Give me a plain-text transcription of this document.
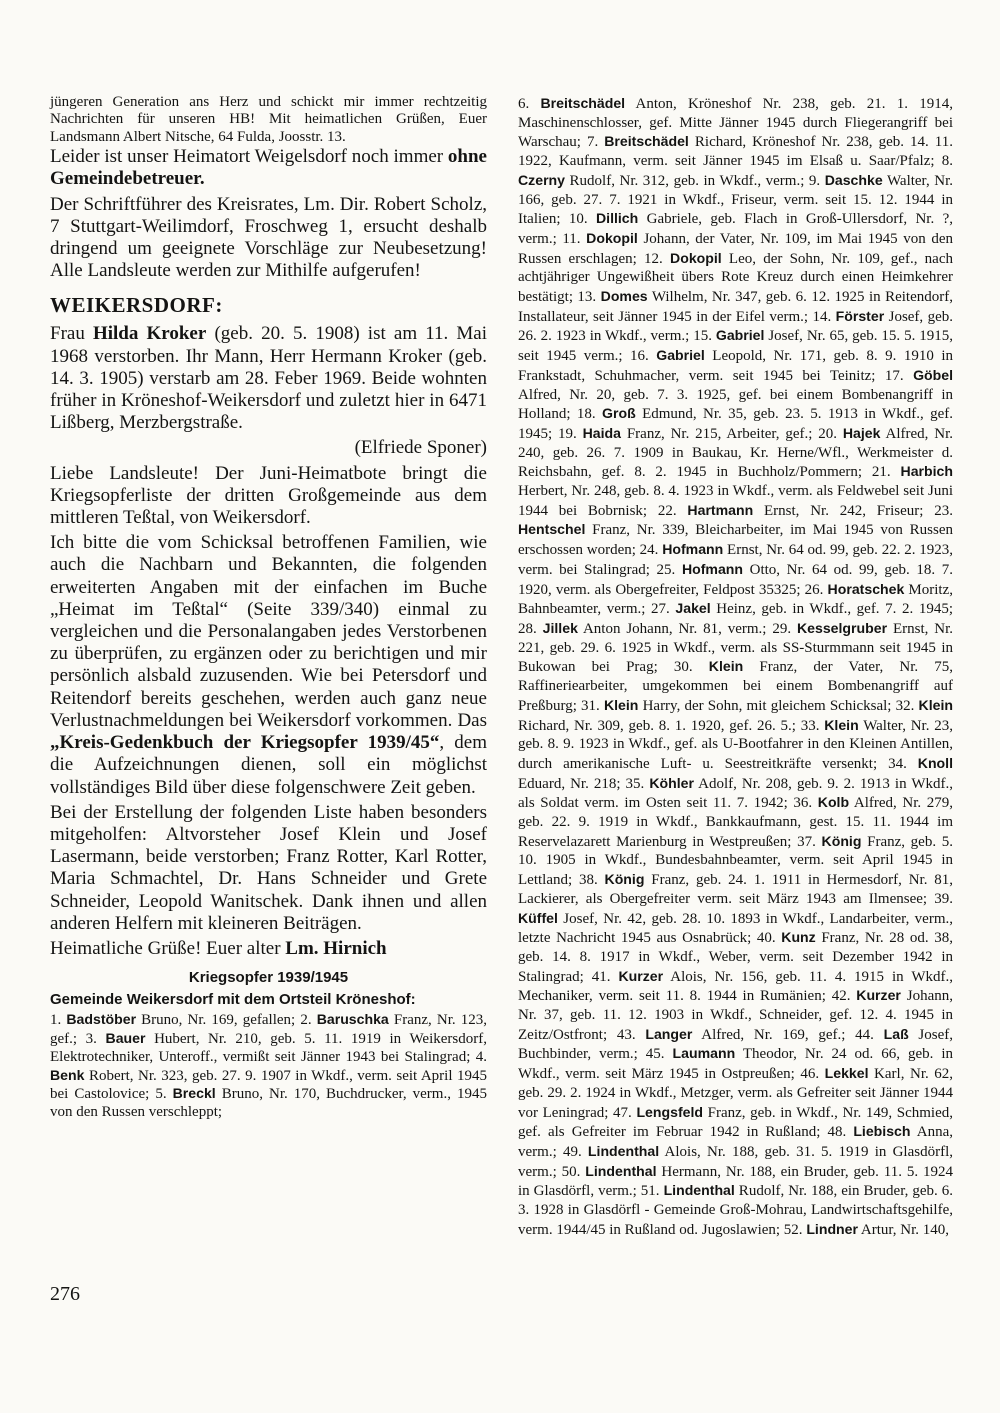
jüngeren Generation ans Herz und schickt mir immer rechtzeitig Nachrichten für unseren HB! Mit heimatlichen Grüßen, Euer Landsmann Albert Nitsche, 64 Fulda, Joosstr. 13.

Leider ist unser Heimatort Weigelsdorf noch immer ohne Gemeindebetreuer.

Der Schriftführer des Kreisrates, Lm. Dir. Robert Scholz, 7 Stuttgart-Weilimdorf, Froschweg 1, ersucht deshalb dringend um geeignete Vorschläge zur Neubesetzung! Alle Landsleute werden zur Mithilfe aufgerufen!

WEIKERSDORF:

Frau Hilda Kroker (geb. 20. 5. 1908) ist am 11. Mai 1968 verstorben. Ihr Mann, Herr Hermann Kroker (geb. 14. 3. 1905) verstarb am 28. Feber 1969. Beide wohnten früher in Kröneshof-Weikersdorf und zuletzt hier in 6471 Lißberg, Merzbergstraße.

(Elfriede Sponer)

Liebe Landsleute! Der Juni-Heimatbote bringt die Kriegsopferliste der dritten Großgemeinde aus dem mittleren Teßtal, von Weikersdorf.

Ich bitte die vom Schicksal betroffenen Familien, wie auch die Nachbarn und Bekannten, die folgenden erweiterten Angaben mit der einfachen im Buche „Heimat im Teßtal“ (Seite 339/340) einmal zu vergleichen und die Personalangaben jedes Verstorbenen zu überprüfen, zu ergänzen oder zu berichtigen und mir persönlich alsbald zuzusenden. Wie bei Petersdorf und Reitendorf bereits geschehen, werden auch ganz neue Verlustnachmeldungen bei Weikersdorf vorkommen. Das „Kreis-Gedenkbuch der Kriegsopfer 1939/45“, dem die Aufzeichnungen dienen, soll ein möglichst vollständiges Bild über diese folgenschwere Zeit geben.

Bei der Erstellung der folgenden Liste haben besonders mitgeholfen: Altvorsteher Josef Klein und Josef Lasermann, beide verstorben; Franz Rotter, Karl Rotter, Maria Schmachtel, Dr. Hans Schneider und Grete Schneider, Leopold Wanitschek. Dank ihnen und allen anderen Helfern mit kleineren Beiträgen.

Heimatliche Grüße! Euer alter Lm. Hirnich

Kriegsopfer 1939/1945

Gemeinde Weikersdorf mit dem Ortsteil Kröneshof:

1. Badstöber Bruno, Nr. 169, gefallen; 2. Baruschka Franz, Nr. 123, gef.; 3. Bauer Hubert, Nr. 210, geb. 5. 11. 1919 in Weikersdorf, Elektrotechniker, Unteroff., vermißt seit Jänner 1943 bei Stalingrad; 4. Benk Robert, Nr. 323, geb. 27. 9. 1907 in Wkdf., verm. seit April 1945 bei Castolovice; 5. Breckl Bruno, Nr. 170, Buchdrucker, verm., 1945 von den Russen verschleppt;

6. Breitschädel Anton, Kröneshof Nr. 238, geb. 21. 1. 1914, Maschinenschlosser, gef. Mitte Jänner 1945 durch Fliegerangriff bei Warschau; 7. Breitschädel Richard, Kröneshof Nr. 238, geb. 14. 11. 1922, Kaufmann, verm. seit Jänner 1945 im Elsaß u. Saar/Pfalz; 8. Czerny Rudolf, Nr. 312, geb. in Wkdf., verm.; 9. Daschke Walter, Nr. 166, geb. 27. 7. 1921 in Wkdf., Friseur, verm. seit 15. 12. 1944 in Italien; 10. Dillich Gabriele, geb. Flach in Groß-Ullersdorf, Nr. ?, verm.; 11. Dokopil Johann, der Vater, Nr. 109, im Mai 1945 von den Russen erschlagen; 12. Dokopil Leo, der Sohn, Nr. 109, gef., nach achtjähriger Ungewißheit übers Rote Kreuz durch einen Heimkehrer bestätigt; 13. Domes Wilhelm, Nr. 347, geb. 6. 12. 1925 in Reitendorf, Installateur, seit Jänner 1945 in der Eifel verm.; 14. Förster Josef, geb. 26. 2. 1923 in Wkdf., verm.; 15. Gabriel Josef, Nr. 65, geb. 15. 5. 1915, seit 1945 verm.; 16. Gabriel Leopold, Nr. 171, geb. 8. 9. 1910 in Frankstadt, Schuhmacher, verm. seit 1945 bei Teinitz; 17. Göbel Alfred, Nr. 20, geb. 7. 3. 1925, gef. bei einem Bombenangriff in Holland; 18. Groß Edmund, Nr. 35, geb. 23. 5. 1913 in Wkdf., gef. 1945; 19. Haida Franz, Nr. 215, Arbeiter, gef.; 20. Hajek Alfred, Nr. 240, geb. 26. 7. 1909 in Baukau, Kr. Herne/Wfl., Werkmeister d. Reichsbahn, gef. 8. 2. 1945 in Buchholz/Pommern; 21. Harbich Herbert, Nr. 248, geb. 8. 4. 1923 in Wkdf., verm. als Feldwebel seit Juni 1944 bei Bobrnisk; 22. Hartmann Ernst, Nr. 242, Friseur; 23. Hentschel Franz, Nr. 339, Bleicharbeiter, im Mai 1945 von Russen erschossen worden; 24. Hofmann Ernst, Nr. 64 od. 99, geb. 22. 2. 1923, verm. bei Stalingrad; 25. Hofmann Otto, Nr. 64 od. 99, geb. 18. 7. 1920, verm. als Obergefreiter, Feldpost 35325; 26. Horatschek Moritz, Bahnbeamter, verm.; 27. Jakel Heinz, geb. in Wkdf., gef. 7. 2. 1945; 28. Jillek Anton Johann, Nr. 81, verm.; 29. Kesselgruber Ernst, Nr. 221, geb. 29. 6. 1925 in Wkdf., verm. als SS-Sturmmann seit 1945 in Bukowan bei Prag; 30. Klein Franz, der Vater, Nr. 75, Raffineriearbeiter, umgekommen bei einem Bombenangriff auf Preßburg; 31. Klein Harry, der Sohn, mit gleichem Schicksal; 32. Klein Richard, Nr. 309, geb. 8. 1. 1920, gef. 26. 5.; 33. Klein Walter, Nr. 23, geb. 8. 9. 1923 in Wkdf., gef. als U-Bootfahrer in den Kleinen Antillen, durch amerikanische Luft- u. Seestreitkräfte versenkt; 34. Knoll Eduard, Nr. 218; 35. Köhler Adolf, Nr. 208, geb. 9. 2. 1913 in Wkdf., als Soldat verm. im Osten seit 11. 7. 1942; 36. Kolb Alfred, Nr. 279, geb. 22. 9. 1919 in Wkdf., Bankkaufmann, gest. 15. 11. 1944 im Reservelazarett Marienburg in Westpreußen; 37. König Franz, geb. 5. 10. 1905 in Wkdf., Bundesbahnbeamter, verm. seit April 1945 in Lettland; 38. König Franz, geb. 24. 1. 1911 in Hermesdorf, Nr. 81, Lackierer, als Obergefreiter verm. seit März 1943 am Ilmensee; 39. Küffel Josef, Nr. 42, geb. 28. 10. 1893 in Wkdf., Landarbeiter, verm., letzte Nachricht 1945 aus Osnabrück; 40. Kunz Franz, Nr. 28 od. 38, geb. 14. 8. 1917 in Wkdf., Weber, verm. seit Dezember 1942 in Stalingrad; 41. Kurzer Alois, Nr. 156, geb. 11. 4. 1915 in Wkdf., Mechaniker, verm. seit 11. 8. 1944 in Rumänien; 42. Kurzer Johann, Nr. 37, geb. 11. 12. 1903 in Wkdf., Schneider, gef. 12. 4. 1945 in Zeitz/Ostfront; 43. Langer Alfred, Nr. 169, gef.; 44. Laß Josef, Buchbinder, verm.; 45. Laumann Theodor, Nr. 24 od. 66, geb. in Wkdf., verm. seit März 1945 in Ostpreußen; 46. Lekkel Karl, Nr. 62, geb. 29. 2. 1924 in Wkdf., Metzger, verm. als Gefreiter seit Jänner 1944 vor Leningrad; 47. Lengsfeld Franz, geb. in Wkdf., Nr. 149, Schmied, gef. als Gefreiter im Februar 1942 in Rußland; 48. Liebisch Anna, verm.; 49. Lindenthal Alois, Nr. 188, geb. 31. 5. 1919 in Glasdörfl, verm.; 50. Lindenthal Hermann, Nr. 188, ein Bruder, geb. 11. 5. 1924 in Glasdörfl, verm.; 51. Lindenthal Rudolf, Nr. 188, ein Bruder, geb. 6. 3. 1928 in Glasdörfl - Gemeinde Groß-Mohrau, Landwirtschaftsgehilfe, verm. 1944/45 in Rußland od. Jugoslawien; 52. Lindner Artur, Nr. 140,

276
